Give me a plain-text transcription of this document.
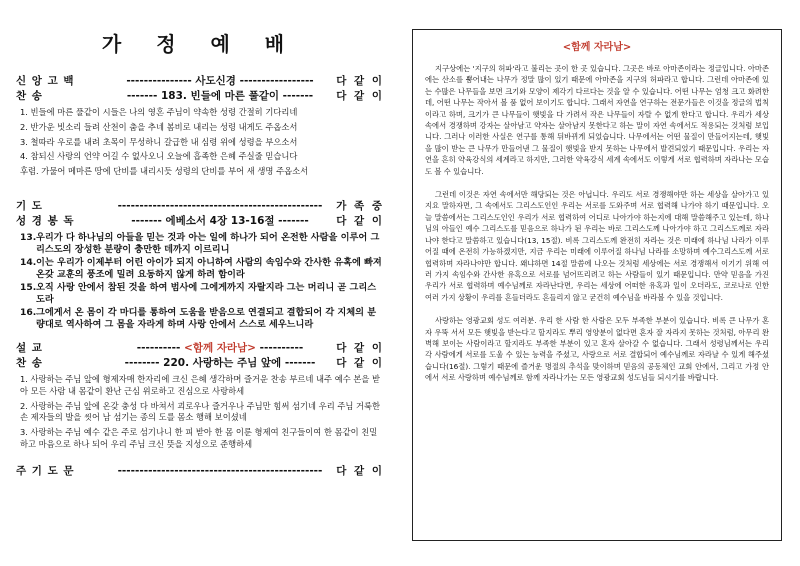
가 정 예 배
신 앙 고 백	--------------- 사도신경 -----------------	다 같 이
찬 송	------- 183. 빈들에 마른 풀같이 -------	다 같 이

1. 빈들에 마른 풀같이 시들은 나의 영혼 주님이 약속한 성령 간절히 기다리네

2. 반가운 빗소리 들려 산천이 춤을 추네 봄비로 내리는 성령 내게도 주옵소서

3. 철따라 우로를 내려 초목이 무성하니 갈급한 내 심령 위에 성령을 부으소서

4. 참되신 사랑의 언약 어길 수 없사오니 오늘에 흡족한 은혜 주실줄 믿습니다

후렴. 가물어 메마른 땅에 단비를 내리시듯 성령의 단비를 부어 새 생명 주옵소서

기 도	-----------------------------------------------	가 족 중
성 경 봉 독	------- 에베소서 4장 13-16절 -------	다 같 이
13. 우리가 다 하나님의 아들을 믿는 것과 아는 일에 하나가 되어 온전한 사람을 이루어 그리스도의 장성한 분량이 충만한 데까지 이르리니
14. 이는 우리가 이제부터 어린 아이가 되지 아니하여 사람의 속임수와 간사한 유혹에 빠져 온갖 교훈의 풍조에 밀려 요동하지 않게 하려 함이라
15. 오직 사랑 안에서 참된 것을 하여 범사에 그에게까지 자랄지라 그는 머리니 곧 그리스도라
16. 그에게서 온 몸이 각 마디를 통하여 도움을 받음으로 연결되고 결합되어 각 지체의 분량대로 역사하여 그 몸을 자라게 하며 사랑 안에서 스스로 세우느니라
설 교	---------- <함께 자라남> ----------	다 같 이
찬 송	-------- 220. 사랑하는 주님 앞에 -------	다 같 이

1. 사랑하는 주님 앞에 형제자매 한자리에 크신 은혜 생각하며 즐거운 찬송 부르네 내주 예수 본을 받아 모든 사람 내 몸같이 환난 근심 위로하고 진심으로 사랑하세

2. 사랑하는 주님 앞에 온갖 충성 다 바쳐서 괴로우나 즐거우나 주님만 힘써 섬기네 우리 주님 거룩한 손 제자들의 발을 씻어 남 섬기는 종의 도를 몸소 행해 보이셨네

3. 사랑하는 주님 예수 같은 주로 섬기나니 한 피 받아 한 몸 이룬 형제여 친구들이여 한 몸같이 친밀하고 마음으로 하나 되어 우리 주님 크신 뜻을 지성으로 준행하세

주 기 도 문	-----------------------------------------------	다 같 이
<함께 자라남>

지구상에는 '지구의 허파'라고 불리는 곳이 한 곳 있습니다. 그곳은 바로 아마존이라는 정글입니다. 아마존에는 산소를 뿜어내는 나무가 정말 많이 있기 때문에 아마존을 지구의 허파라고 합니다. 그런데 아마존에 있는 수많은 나무들을 보면 크기와 모양이 제각기 다르다는 것을 알 수 있습니다. 어떤 나무는 엄청 크고 화려한데, 어떤 나무는 작아서 볼 품 없어 보이기도 합니다. 그래서 자연을 연구하는 전문가들은 이것을 정글의 법칙이라고 하며, 크기가 큰 나무들이 햇빛을 다 가려서 작은 나무들이 자랄 수 없게 한다고 합니다. 우리가 세상 속에서 경쟁하며 강자는 살아남고 약자는 살아남지 못한다고 하는 말이 자연 속에서도 적용되는 것처럼 보입니다. 그러나 이러한 사실은 연구를 통해 뒤바뀌게 되었습니다. 나무에서는 어떤 물질이 만들어지는데, 햇빛을 많이 받는 큰 나무가 만들어낸 그 물질이 햇빛을 받지 못하는 나무에서 발견되었기 때문입니다. 우리는 자연을 흔히 약육강식의 세계라고 하지만, 그러한 약육강식 세계 속에서도 이렇게 서로 협력하며 자라나는 모습도 볼 수 있습니다.

그런데 이것은 자연 속에서만 해당되는 것은 아닙니다. 우리도 서로 경쟁해야만 하는 세상을 살아가고 있지요 말하자면, 그 속에서도 그리스도인인 우리는 서로를 도와주며 서로 협력해 나가야 하기 때문입니다. 오늘 말씀에서는 그리스도인인 우리가 서로 협력하여 어디로 나아가야 하는지에 대해 말씀해주고 있는데, 하나님의 아들인 예수 그리스도를 믿음으로 하나가 된 우리는 바로 그리스도께 나아가야 하고 그리스도께로 자라나야 한다고 말씀하고 있습니다(13, 15절). 비록 그리스도께 완전히 자라는 것은 미래에 하나님 나라가 이루어질 때에 온전히 가능하겠지만, 지금 우리는 미래에 이루어질 하나님 나라를 소망하며 예수그리스도께 서로 협력하며 자라나야만 합니다. 왜냐하면 14절 말씀에 나오는 것처럼 세상에는 서로 경쟁해서 이기기 위해 여러 가지 속임수와 간사한 유혹으로 서로를 넘어뜨리려고 하는 사람들이 있기 때문입니다. 만약 믿음을 가진 우리가 서로 협력하며 예수님께로 자라난다면, 우리는 세상에 어떠한 유혹과 일이 오더라도, 코로나로 인한 여러 가지 상황이 우리를 흔들더라도 흔들리지 않고 굳건히 예수님을 바라볼 수 있을 것입니다.

사랑하는 영광교회 성도 여러분. 우리 한 사람 한 사람은 모두 부족한 부분이 있습니다. 비록 큰 나무가 혼자 우뚝 서서 모든 햇빛을 받는다고 할지라도 뿌리 영양분이 없다면 혼자 잘 자라지 못하는 것처럼, 아무리 완벽해 보이는 사람이라고 할지라도 부족한 부분이 있고 혼자 살아갈 수 없습니다. 그래서 성령님께서는 우리 각 사람에게 서로를 도울 수 있는 능력을 주셨고, 사랑으로 서로 결합되어 예수님께로 자라날 수 있게 해주셨습니다(16절). 그렇기 때문에 즐거운 명절의 추석을 맞이하며 믿음의 공동체인 교회 안에서, 그리고 가정 안에서 서로 사랑하며 예수님께로 함께 자라나가는 모든 영광교회 성도님들 되시기를 바랍니다.
